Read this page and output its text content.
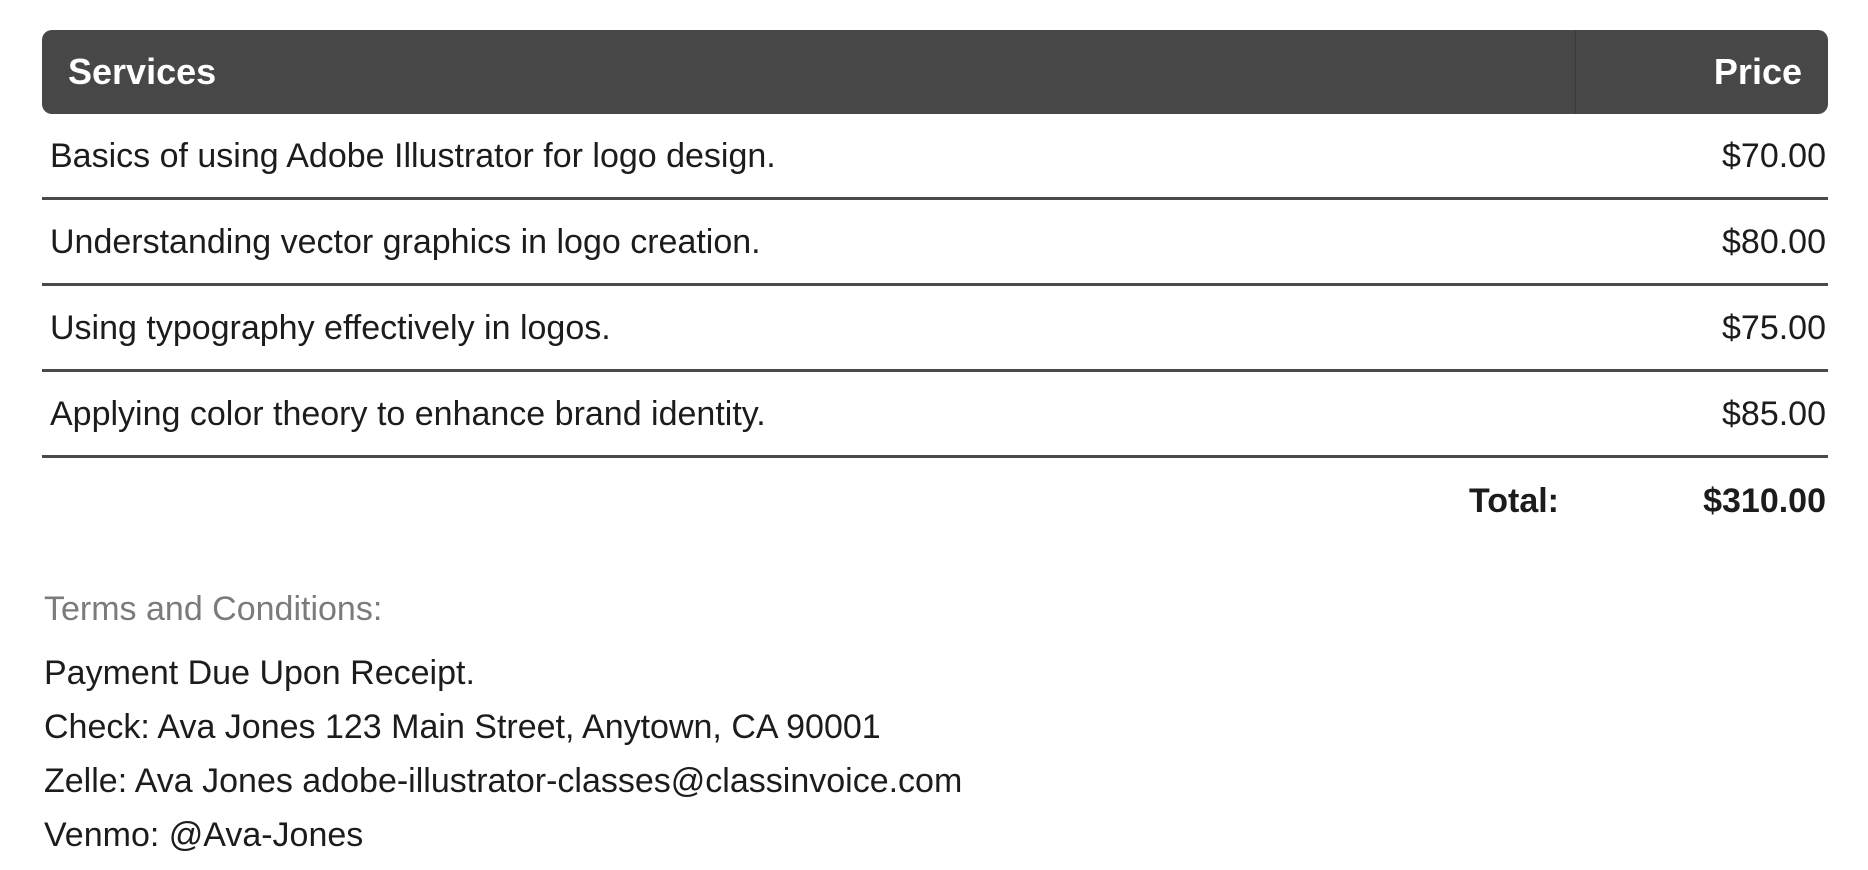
Services	Price
Basics of using Adobe Illustrator for logo design.	$70.00
Understanding vector graphics in logo creation.	$80.00
Using typography effectively in logos.	$75.00
Applying color theory to enhance brand identity.	$85.00
Total:	$310.00
Terms and Conditions:
Payment Due Upon Receipt.
Check: Ava Jones 123 Main Street, Anytown, CA 90001
Zelle: Ava Jones adobe-illustrator-classes@classinvoice.com
Venmo: @Ava-Jones
